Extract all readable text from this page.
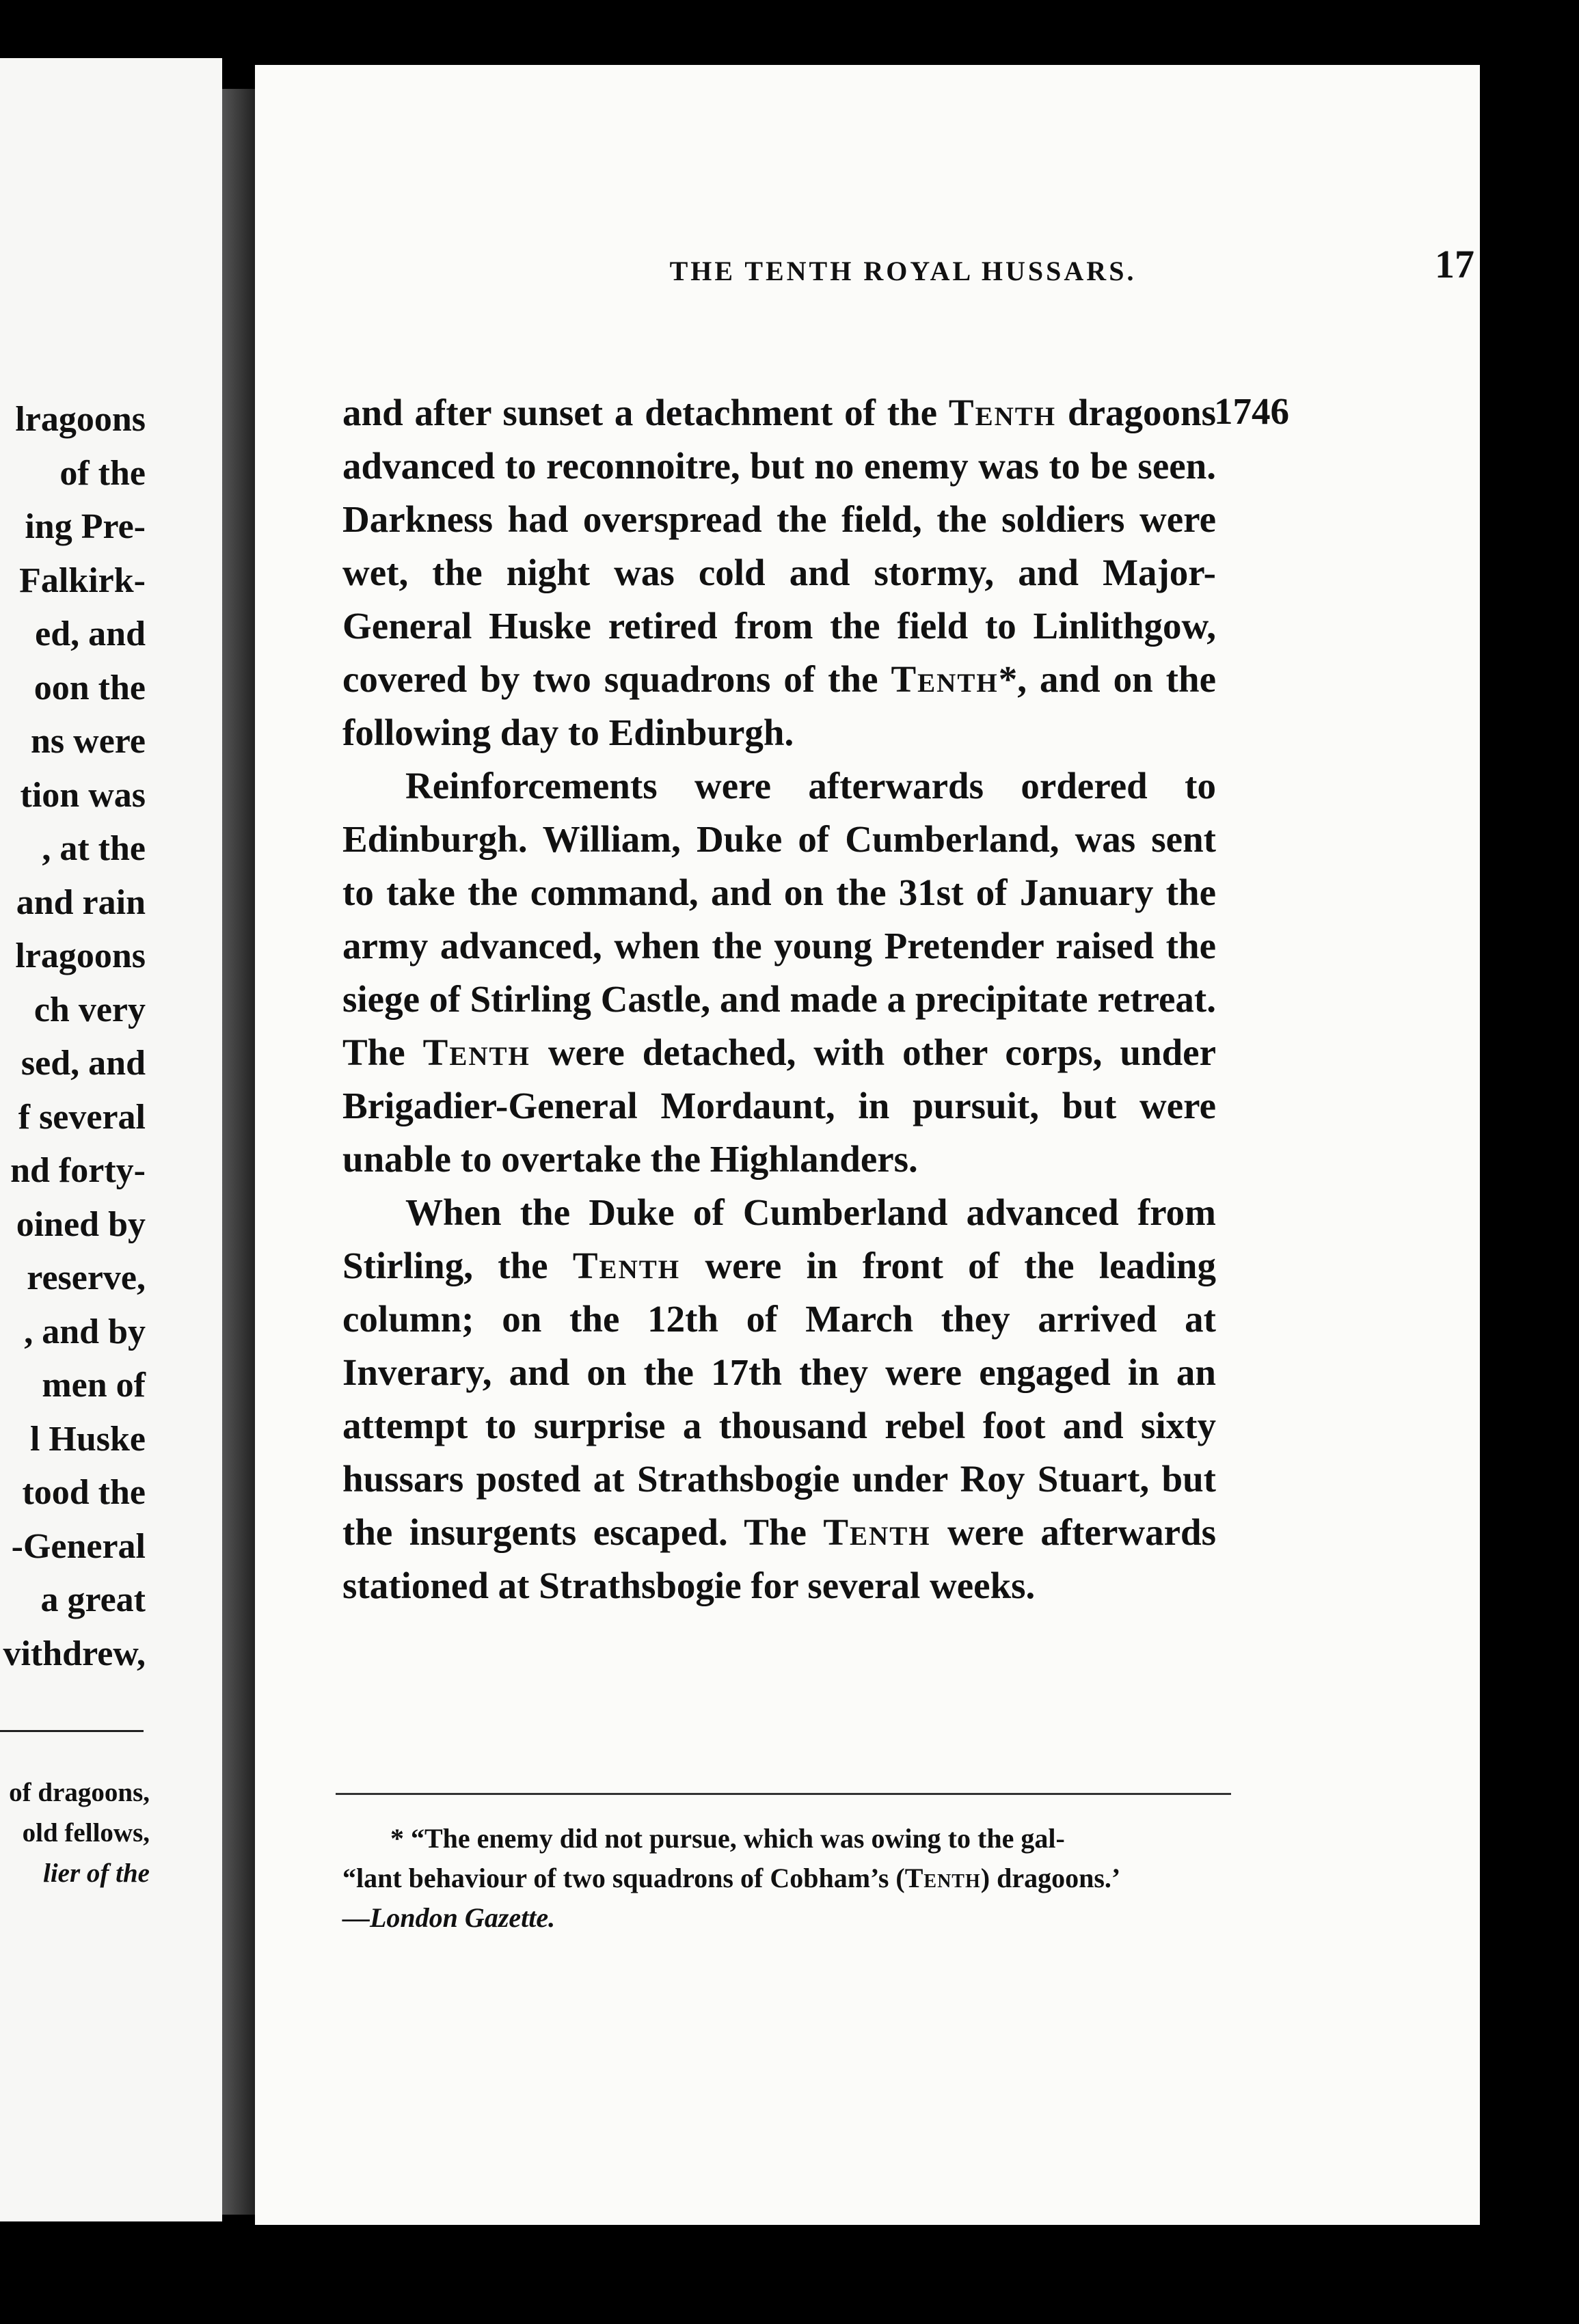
lragoons
of the
ing Pre-
Falkirk-
ed, and
oon the
ns were
tion was
, at the
and rain
lragoons
ch very
sed, and
f several
nd forty-
oined by
reserve,
, and by
men of
l Huske
tood the
-General
a great
vithdrew,
of dragoons,
old fellows,
lier of the
THE TENTH ROYAL HUSSARS.	17
1746

and after sunset a detachment of the Tenth dragoons advanced to reconnoitre, but no enemy was to be seen. Darkness had overspread the field, the soldiers were wet, the night was cold and stormy, and Major-General Huske retired from the field to Linlithgow, covered by two squadrons of the Tenth*, and on the following day to Edinburgh.

Reinforcements were afterwards ordered to Edinburgh. William, Duke of Cumberland, was sent to take the command, and on the 31st of January the army advanced, when the young Pretender raised the siege of Stirling Castle, and made a precipitate retreat. The Tenth were detached, with other corps, under Brigadier-General Mordaunt, in pursuit, but were unable to overtake the Highlanders.

When the Duke of Cumberland advanced from Stirling, the Tenth were in front of the leading column; on the 12th of March they arrived at Inverary, and on the 17th they were engaged in an attempt to surprise a thousand rebel foot and sixty hussars posted at Strathsbogie under Roy Stuart, but the insurgents escaped. The Tenth were afterwards stationed at Strathsbogie for several weeks.

* “The enemy did not pursue, which was owing to the gal-
“lant behaviour of two squadrons of Cobham’s (Tenth) dragoons.’
—London Gazette.
